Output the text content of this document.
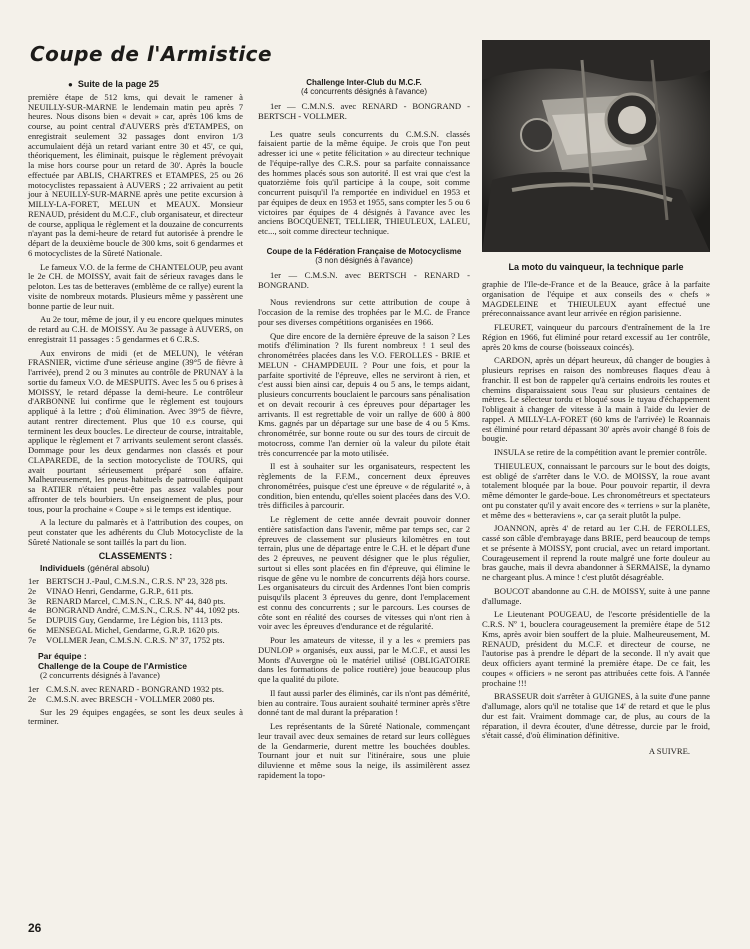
Coupe de l'Armistice
● Suite de la page 25

première étape de 512 kms, qui devait le ramener à NEUILLY-SUR-MARNE le lendemain matin peu après 7 heures. Nous disons bien « devait » car, après 106 kms de course, au point central d'AUVERS près d'ETAMPES, on enregistrait seulement 32 passages dont environ 1/3 accumulaient déjà un retard variant entre 30 et 45', ce qui, théoriquement, les éliminait, puisque le règlement prévoyait la mise hors course pour un retard de 30'. Après la boucle effectuée par ABLIS, CHARTRES et ETAMPES, 25 ou 26 motocyclistes repassaient à AUVERS ; 22 arrivaient au petit jour à NEUILLY-SUR-MARNE après une petite excursion à MILLY-LA-FORET, MELUN et MEAUX. Monsieur RENAUD, président du M.C.F., club organisateur, et directeur de course, appliqua le règlement et la douzaine de concurrents n'ayant pas la demi-heure de retard fut autorisée à prendre le départ de la deuxième boucle de 300 kms, soit 6 gendarmes et 6 motocyclistes de la Sûreté Nationale.

Le fameux V.O. de la ferme de CHANTELOUP, peu avant le 2e CH. de MOISSY, avait fait de sérieux ravages dans le peloton. Les tas de betteraves (emblème de ce rallye) eurent la visite de nombreux motards. Plusieurs même y passèrent une bonne partie de leur nuit.

Au 2e tour, même de jour, il y eu encore quelques minutes de retard au C.H. de MOISSY. Au 3e passage à AUVERS, on enregistrait 11 passages : 5 gendarmes et 6 C.R.S.

Aux environs de midi (et de MELUN), le vétéran FRASNIER, victime d'une sérieuse angine (39°5 de fièvre à l'arrivée), prend 2 ou 3 minutes au contrôle de PRUNAY à la sortie du fameux V.O. de MESPUITS. Avec les 5 ou 6 prises à MOISSY, le retard dépasse la demi-heure. Le contrôleur d'ARBONNE lui confirme que le règlement est toujours appliqué à la lettre ; d'où élimination. Avec 39°5 de fièvre, autant rentrer directement. Plus que 10 e.s course, qui terminent les deux boucles. Le directeur de course, intraitable, applique le règlement et 7 arrivants seulement seront classés. Dommage pour les deux gendarmes non classés et pour CLAPAREDE, de la section motocycliste de TOURS, qui avait pourtant sérieusement préparé son affaire. Malheureusement, les pneus habituels de patrouille équipant sa RATIER n'étaient peut-être pas assez valables pour affronter de tels bourbiers. Un enseignement de plus, pour tous, pour la prochaine « Coupe » si le temps est identique.

A la lecture du palmarès et à l'attribution des coupes, on peut constater que les adhérents du Club Motocycliste de la Sûreté Nationale se sont taillés la part du lion.

CLASSEMENTS :
Individuels (général absolu)
1er BERTSCH J.-Paul, C.M.S.N., C.R.S. Nº 23, 328 pts.
2e	VINAO Henri, Gendarme, G.R.P., 611 pts.
3e	RENARD Marcel, C.M.S.N., C.R.S. Nº 44, 840 pts.
4e	BONGRAND André, C.M.S.N., C.R.S. Nº 44, 1092 pts.
5e	DUPUIS Guy, Gendarme, 1re Légion bis, 1113 pts.
6e	MENSEGAL Michel, Gendarme, G.R.P. 1620 pts.
7e	VOLLMER Jean, C.M.S.N. C.R.S. Nº 37, 1752 pts.
Par équipe :
Challenge de la Coupe de l'Armistice
(2 concurrents désignés à l'avance)
1er C.M.S.N. avec RENARD - BONGRAND 1932 pts.
2e	C.M.S.N. avec BRESCH - VOLLMER 2080 pts.

Sur les 29 équipes engagées, se sont les deux seules à terminer.

Challenge Inter-Club du M.C.F.
(4 concurrents désignés à l'avance)

1er — C.M.N.S. avec RENARD - BONGRAND - BERTSCH - VOLLMER.

Les quatre seuls concurrents du C.M.S.N. classés faisaient partie de la même équipe. Je crois que l'on peut adresser ici une « petite félicitation » au directeur technique de l'équipe-rallye des C.R.S. pour sa parfaite connaissance des hommes placés sous son autorité. Il est vrai que c'est la quatorzième fois qu'il participe à la coupe, soit comme concurrent puisqu'il l'a remportée en individuel en 1953 et par équipes de deux en 1953 et 1955, sans compter les 5 ou 6 victoires par équipes de 4 désignés à l'avance avec les anciens BOCQUENET, TELLIER, THIEULEUX, LALEU, etc..., soit comme directeur technique.

Coupe de la Fédération Française de Motocyclisme
(3 non désignés à l'avance)

1er — C.M.S.N. avec BERTSCH - RENARD - BONGRAND.

Nous reviendrons sur cette attribution de coupe à l'occasion de la remise des trophées par le M.C. de France pour ses diverses compétitions organisées en 1966.

Que dire encore de la dernière épreuve de la saison ? Les motifs d'élimination ? Ils furent nombreux ! 1 seul des chronométrées placées dans les V.O. FEROLLES - BRIE et MELUN - CHAMPDEUIL ? Pour une fois, et pour la parfaite sportivité de l'épreuve, elles ne serviront à rien, et c'est aussi bien ainsi car, depuis 4 ou 5 ans, le temps aidant, plusieurs concurrents bouclaient le parcours sans pénalisation et on devait recourir à ces épreuves pour départager les arrivants. Il est regrettable de voir un rallye de 600 à 800 Kms. gagnés par un départage sur une base de 4 ou 5 Kms. chronométrée, sur bonne route ou sur des tours de circuit de motocross, comme l'an dernier où la valeur du pilote était très concurrencée par la moto utilisée.

Il est à souhaiter sur les organisateurs, respectent les règlements de la F.F.M., concernent deux épreuves chronométrées, puisque c'est une épreuve « de régularité », à condition, bien entendu, qu'elles soient placées dans des V.O. très difficiles à parcourir.

Le règlement de cette année devrait pouvoir donner entière satisfaction dans l'avenir, même par temps sec, car 2 épreuves de classement sur plusieurs kilomètres en tout terrain, plus une de départage entre le C.H. et le départ d'une des 2 épreuves, ne peuvent désigner que le plus régulier, surtout si elles sont placées en fin d'épreuve, qui élimine le risque de gêne vu le nombre de concurrents déjà hors course. Les organisateurs du circuit des Ardennes l'ont bien compris puisqu'ils placent 3 épreuves du genre, dont l'emplacement est connu des concurrents ; sur le parcours. Les courses de côte sont en réalité des courses de vitesses qui n'ont rien à voir avec les épreuves d'endurance et de régularité.

Pour les amateurs de vitesse, il y a les « premiers pas DUNLOP » organisés, eux aussi, par le M.C.F., et aussi les Monts d'Auvergne où le matériel utilisé (OBLIGATOIRE dans les formations de police routière) joue beaucoup plus que la qualité du pilote.

Il faut aussi parler des éliminés, car ils n'ont pas démérité, bien au contraire. Tous auraient souhaité terminer après s'être donné tant de mal durant la préparation !

Les représentants de la Sûreté Nationale, commençant leur travail avec deux semaines de retard sur leurs collègues de la Gendarmerie, durent mettre les bouchées doubles. Tournant jour et nuit sur l'itinéraire, sous une pluie diluvienne et même sous la neige, ils assimilèrent assez rapidement la topo-

La moto du vainqueur, la technique parle

graphie de l'Ile-de-France et de la Beauce, grâce à la parfaite organisation de l'équipe et aux conseils des « chefs » MAGDELEINE et THIEULEUX ayant effectué une préreconnaissance avant leur arrivée en région parisienne.

FLEURET, vainqueur du parcours d'entraînement de la 1re Région en 1966, fut éliminé pour retard excessif au 1er contrôle, après 20 kms de course (boisseaux coincés).

CARDON, après un départ heureux, dû changer de bougies à plusieurs reprises en raison des nombreuses flaques d'eau à franchir. Il est bon de rappeler qu'à certains endroits les routes et chemins disparaissaient sous l'eau sur plusieurs centaines de mètres. Le sélecteur tordu et bloqué sous le tuyau d'échappement l'obligeait à changer de vitesse à la main à l'aide du levier de rappel. A MILLY-LA-FORET (60 kms de l'arrivée) le Roannais est éliminé pour retard dépassant 30' après avoir changé 8 fois de bougie.

INSULA se retire de la compétition avant le premier contrôle.

THIEULEUX, connaissant le parcours sur le bout des doigts, est obligé de s'arrêter dans le V.O. de MOISSY, la roue avant totalement bloquée par la boue. Pour pouvoir repartir, il devra même démonter le garde-boue. Les chronométreurs et spectateurs ont pu constater qu'il y avait encore des « terriens » sur la planète, et même des « betteraviens », car ça serait plutôt la pulpe.

JOANNON, après 4' de retard au 1er C.H. de FEROLLES, cassé son câble d'embrayage dans BRIE, perd beaucoup de temps et se présente à MOISSY, pont crucial, avec un retard important. Courageusement il reprend la route malgré une forte douleur au bras gauche, mais il devra abandonner à SERMAISE, la dynamo ne chargeant plus. A mince ! c'est plutôt désagréable.

BOUCOT abandonne au C.H. de MOISSY, suite à une panne d'allumage.

Le Lieutenant POUGEAU, de l'escorte présidentielle de la C.R.S. Nº 1, bouclera courageusement la première étape de 512 Kms, après avoir bien souffert de la pluie. Malheureusement, M. RENAUD, président du M.C.F. et directeur de course, ne l'autorise pas à prendre le départ de la seconde. Il n'y avait que deux officiers ayant terminé la première étape. De ce fait, les coupes « officiers » ne seront pas attribuées cette fois. A l'année prochaine !!!

BRASSEUR doit s'arrêter à GUIGNES, à la suite d'une panne d'allumage, alors qu'il ne totalise que 14' de retard et que le plus dur est fait. Vraiment dommage car, de plus, au cours de la réparation, il devra écouter, d'une détresse, durcie par le froid, s'était cassé, d'où élimination définitive.

A SUIVRE.
26
